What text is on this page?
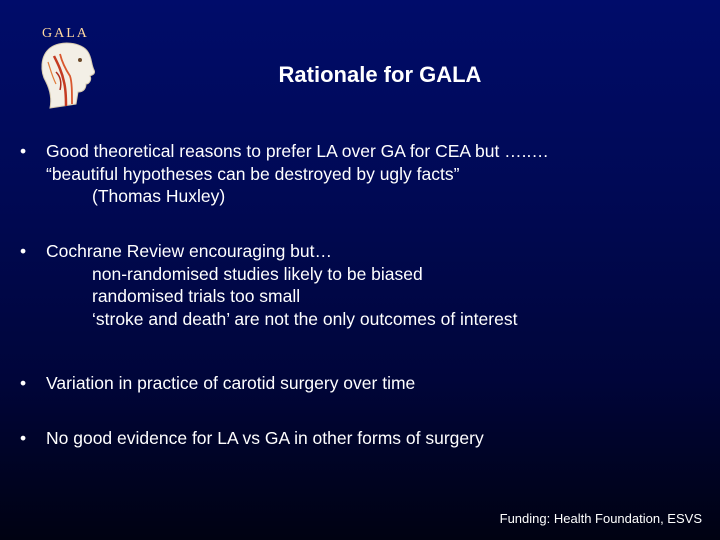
GALA
Rationale for GALA
• Good theoretical reasons to prefer LA over GA for CEA but …..…
“beautiful hypotheses can be destroyed by ugly facts”
(Thomas Huxley)
• Cochrane Review encouraging but…
non-randomised studies likely to be biased
randomised trials too small
‘stroke and death’ are not the only outcomes of interest
• Variation in practice of carotid surgery over time
• No good evidence for LA vs GA in other forms of surgery
Funding: Health Foundation, ESVS
